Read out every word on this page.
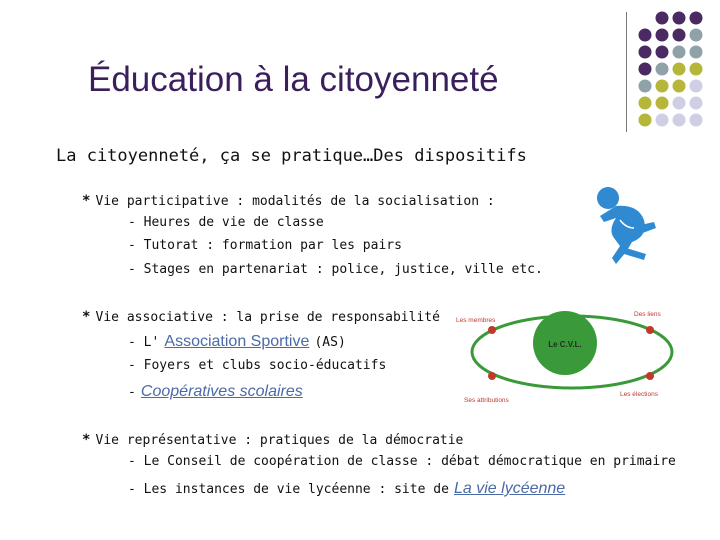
Éducation à la citoyenneté
La citoyenneté, ça se pratique…Des dispositifs
* Vie participative : modalités de la socialisation :
- Heures de vie de classe
- Tutorat : formation par les pairs
- Stages en partenariat : police, justice, ville etc.
* Vie associative : la prise de responsabilité
- L' Association Sportive (AS)
- Foyers et clubs socio-éducatifs
- Coopératives scolaires
* Vie représentative : pratiques de la démocratie
- Le Conseil de coopération de classe : débat démocratique en primaire
- Les instances de vie lycéenne : site de La vie lycéenne
Le C.V.L.
Les membres
Des liens
Ses attributions
Les élections
